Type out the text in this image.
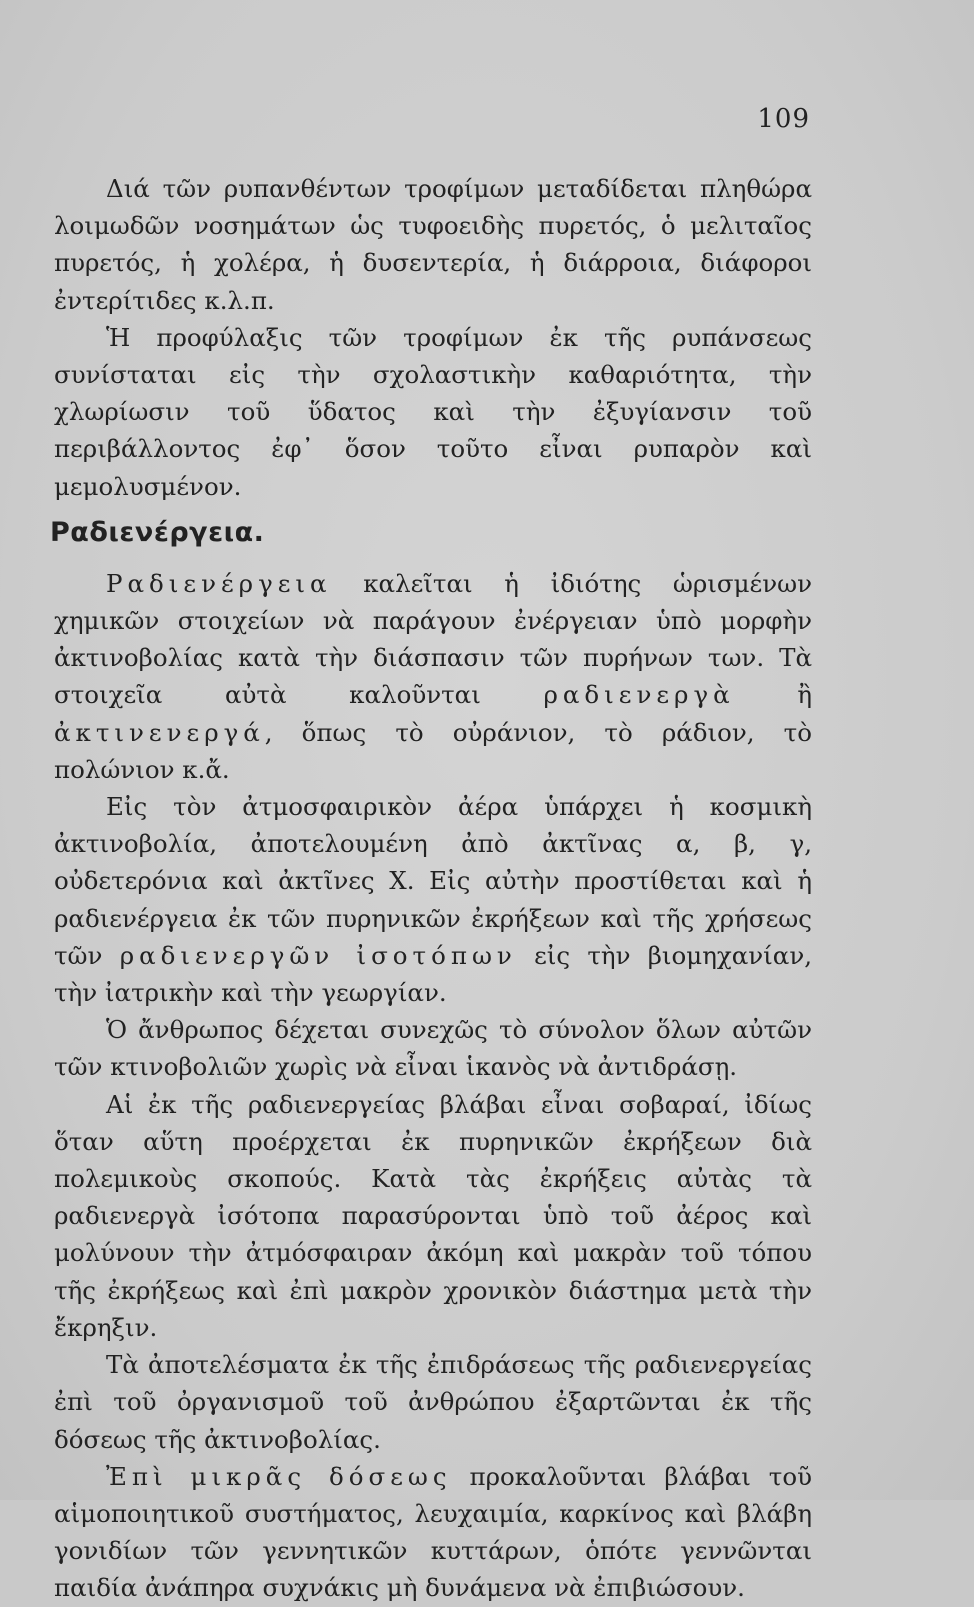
109

Διά τῶν ρυπανθέντων τροφίμων μεταδίδεται πληθώρα λοιμωδῶν νοσημάτων ὡς τυφοειδὴς πυρετός, ὁ μελιταῖος πυρετός, ἡ χολέρα, ἡ δυσεντερία, ἡ διάρροια, διάφοροι ἐντερίτιδες κ.λ.π.

Ἡ προφύλαξις τῶν τροφίμων ἐκ τῆς ρυπάνσεως συνίσταται εἰς τὴν σχολαστικὴν καθαριότητα, τὴν χλωρίωσιν τοῦ ὕδατος καὶ τὴν ἐξυγίανσιν τοῦ περιβάλλοντος ἐφ᾽ ὅσον τοῦτο εἶναι ρυπαρὸν καὶ μεμολυσμένον.

Ραδιενέργεια.

Ραδιενέργεια καλεῖται ἡ ἰδιότης ὡρισμένων χημικῶν στοιχείων νὰ παράγουν ἐνέργειαν ὑπὸ μορφὴν ἀκτινοβολίας κατὰ τὴν διάσπασιν τῶν πυρήνων των. Τὰ στοιχεῖα αὐτὰ καλοῦνται ραδιενεργὰ ἢ ἀκτινενεργά, ὅπως τὸ οὐράνιον, τὸ ράδιον, τὸ πολώνιον κ.ἄ.

Εἰς τὸν ἀτμοσφαιρικὸν ἀέρα ὑπάρχει ἡ κοσμικὴ ἀκτινοβολία, ἀποτελουμένη ἀπὸ ἀκτῖνας α, β, γ, οὐδετερόνια καὶ ἀκτῖνες Χ. Εἰς αὐτὴν προστίθεται καὶ ἡ ραδιενέργεια ἐκ τῶν πυρηνικῶν ἐκρήξεων καὶ τῆς χρήσεως τῶν ραδιενεργῶν ἰσοτόπων εἰς τὴν βιομηχανίαν, τὴν ἰατρικὴν καὶ τὴν γεωργίαν.

Ὁ ἄνθρωπος δέχεται συνεχῶς τὸ σύνολον ὅλων αὐτῶν τῶν κτινοβολιῶν χωρὶς νὰ εἶναι ἱκανὸς νὰ ἀντιδράσῃ.

Αἱ ἐκ τῆς ραδιενεργείας βλάβαι εἶναι σοβαραί, ἰδίως ὅταν αὕτη προέρχεται ἐκ πυρηνικῶν ἐκρήξεων διὰ πολεμικοὺς σκοπούς. Κατὰ τὰς ἐκρήξεις αὐτὰς τὰ ραδιενεργὰ ἰσότοπα παρασύρονται ὑπὸ τοῦ ἀέρος καὶ μολύνουν τὴν ἀτμόσφαιραν ἀκόμη καὶ μακρὰν τοῦ τόπου τῆς ἐκρήξεως καὶ ἐπὶ μακρὸν χρονικὸν διάστημα μετὰ τὴν ἔκρηξιν.

Τὰ ἀποτελέσματα ἐκ τῆς ἐπιδράσεως τῆς ραδιενεργείας ἐπὶ τοῦ ὀργανισμοῦ τοῦ ἀνθρώπου ἐξαρτῶνται ἐκ τῆς δόσεως τῆς ἀκτινοβολίας.

Ἐπὶ μικρᾶς δόσεως προκαλοῦνται βλάβαι τοῦ αἱμοποιητικοῦ συστήματος, λευχαιμία, καρκίνος καὶ βλάβη γονιδίων τῶν γεννητικῶν κυττάρων, ὁπότε γεννῶνται παιδία ἀνάπηρα συχνάκις μὴ δυνάμενα νὰ ἐπιβιώσουν.
